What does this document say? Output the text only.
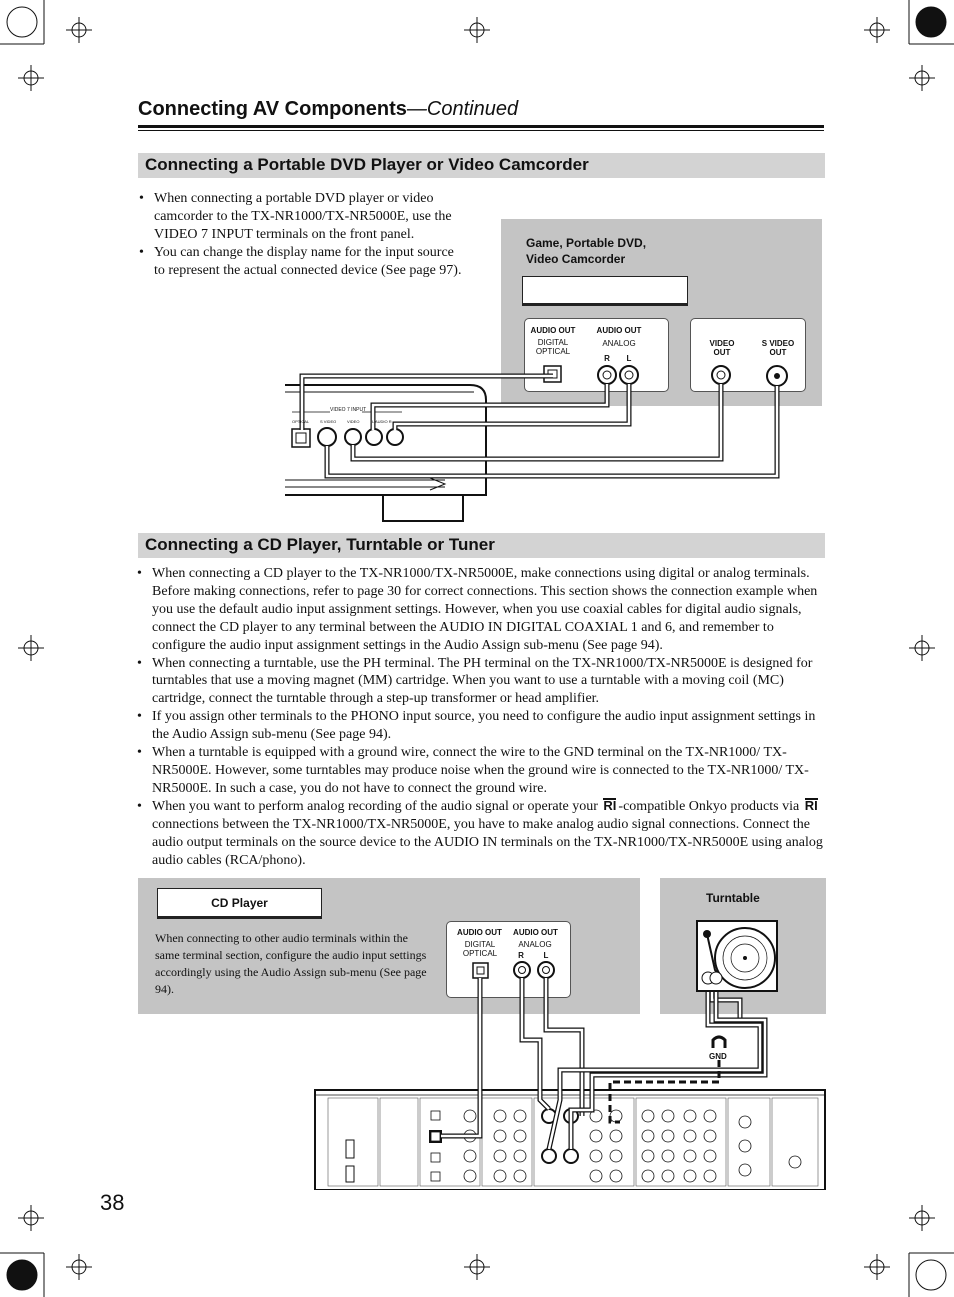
Connecting AV Components—Continued
Connecting a Portable DVD Player or Video Camcorder
• When connecting a portable DVD player or video camcorder to the TX-NR1000/TX-NR5000E, use the VIDEO 7 INPUT terminals on the front panel.
• You can change the display name for the input source to represent the actual connected device (See page 97).
Game, Portable DVD,
Video Camcorder
AUDIO OUT
DIGITAL OPTICAL
AUDIO OUT
ANALOG
R	L
VIDEO OUT
S VIDEO OUT
VIDEO 7 INPUT
OPTICAL	S VIDEO	VIDEO	L AUDIO R
Connecting a CD Player, Turntable or Tuner
• When connecting a CD player to the TX-NR1000/TX-NR5000E, make connections using digital or analog terminals. Before making connections, refer to page 30 for correct connections. This section shows the connection example when you use the default audio input assignment settings. However, when you use coaxial cables for digital audio signals, connect the CD player to any terminal between the AUDIO IN DIGITAL COAXIAL 1 and 6, and remember to configure the audio input assignment settings in the Audio Assign sub-menu (See page 94).
• When connecting a turntable, use the PH terminal. The PH terminal on the TX-NR1000/TX-NR5000E is designed for turntables that use a moving magnet (MM) cartridge. When you want to use a turntable with a moving coil (MC) cartridge, connect the turntable through a step-up transformer or head amplifier.
• If you assign other terminals to the PHONO input source, you need to configure the audio input assignment settings in the Audio Assign sub-menu (See page 94).
• When a turntable is equipped with a ground wire, connect the wire to the GND terminal on the TX-NR1000/ TX-NR5000E. However, some turntables may produce noise when the ground wire is connected to the TX-NR1000/ TX-NR5000E. In such a case, you do not have to connect the ground wire.
• When you want to perform analog recording of the audio signal or operate your RI -compatible Onkyo products via RI connections between the TX-NR1000/TX-NR5000E, you have to make analog audio signal connections. Connect the audio output terminals on the source device to the AUDIO IN terminals on the TX-NR1000/TX-NR5000E using analog audio cables (RCA/phono).
CD Player
When connecting to other audio terminals within the same terminal section, configure the audio input settings accordingly using the Audio Assign sub-menu (See page 94).
AUDIO OUT
DIGITAL OPTICAL
AUDIO OUT
ANALOG
R	L
Turntable
GND
38
